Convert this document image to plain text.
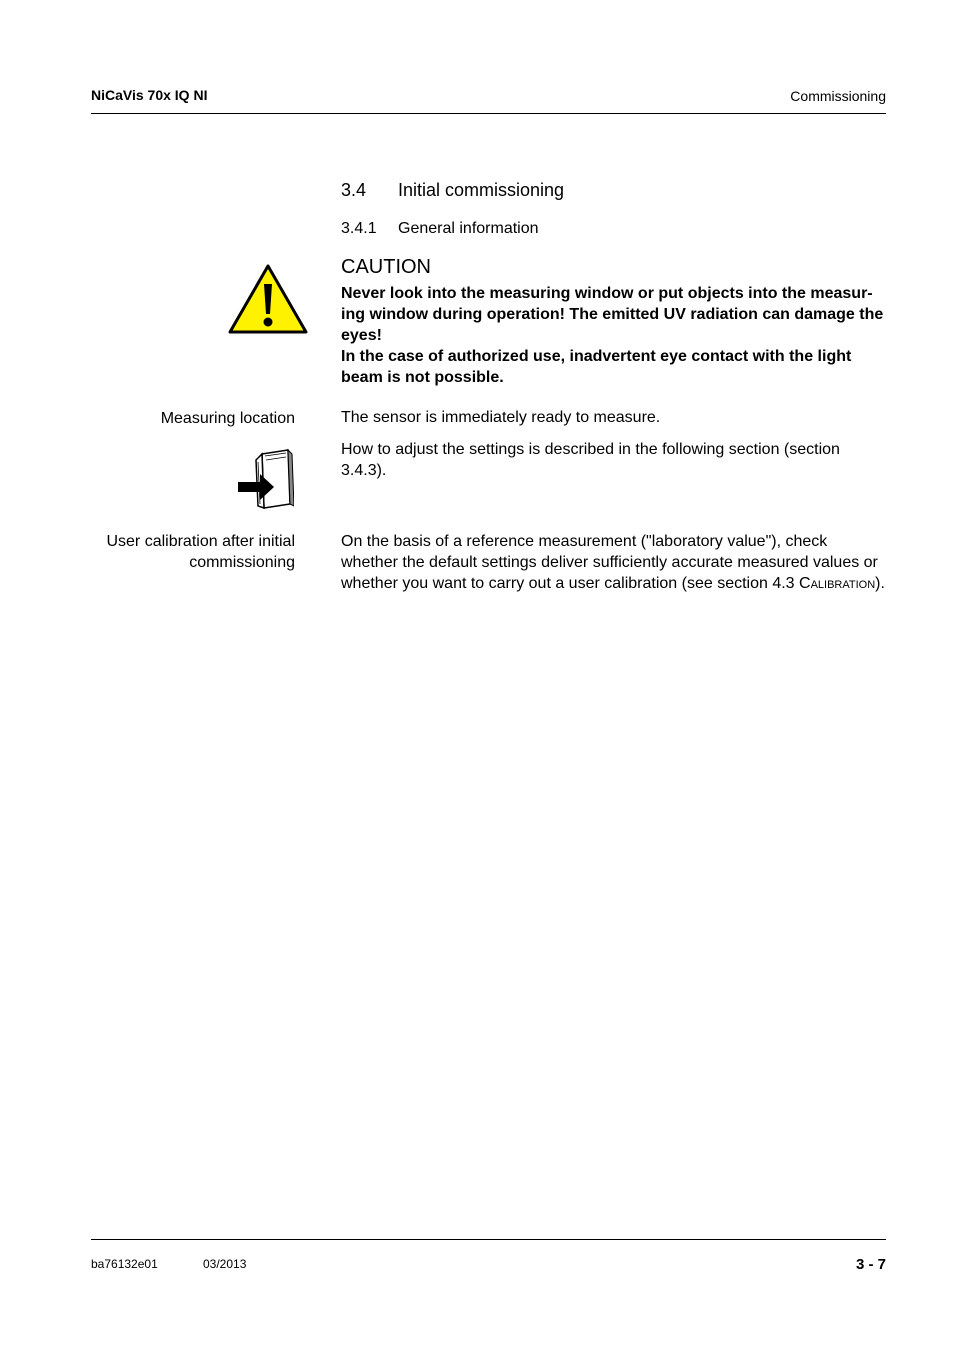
NiCaVis 70x IQ NI	Commissioning
3.4 Initial commissioning
3.4.1 General information
CAUTION

Never look into the measuring window or put objects into the measur-ing window during operation! The emitted UV radiation can damage the eyes!

In the case of authorized use, inadvertent eye contact with the light beam is not possible.

Measuring location	The sensor is immediately ready to measure.
How to adjust the settings is described in the following section (section 3.4.3).
User calibration after initial
commissioning
On the basis of a reference measurement ("laboratory value"), check whether the default settings deliver sufficiently accurate measured values or whether you want to carry out a user calibration (see section 4.3 Calibration).
ba76132e01	03/2013	3 - 7
